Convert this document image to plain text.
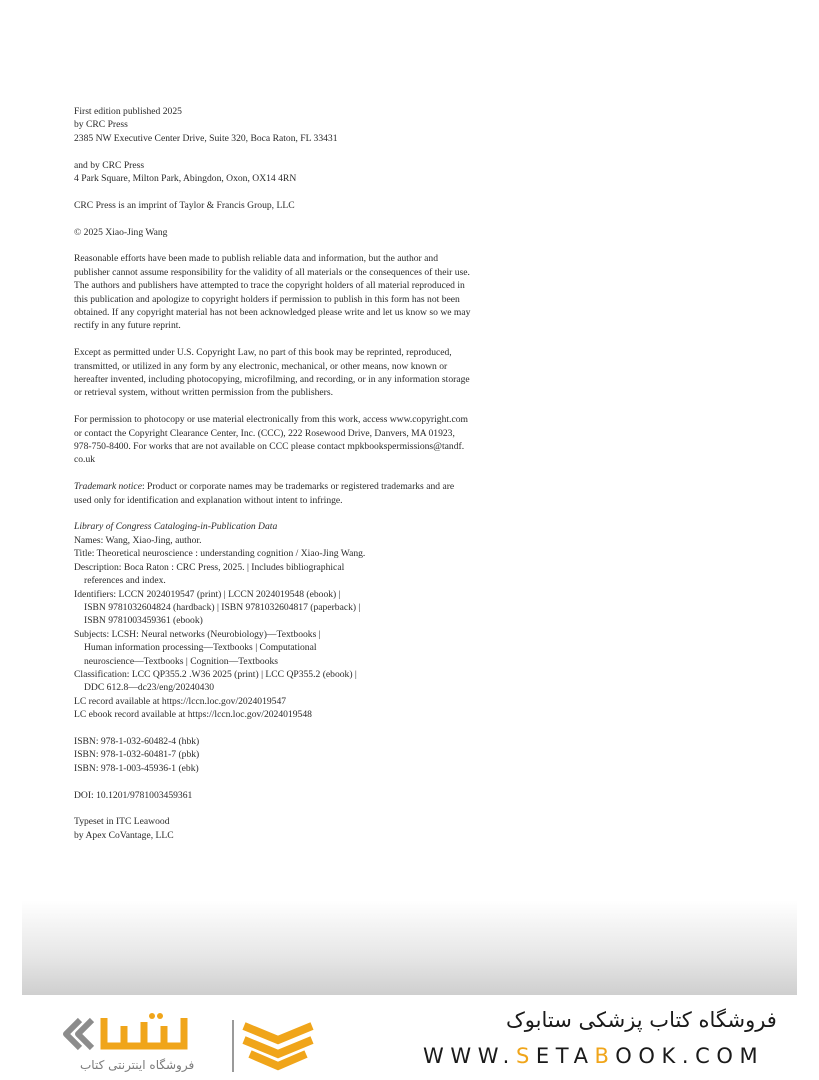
First edition published 2025
by CRC Press
2385 NW Executive Center Drive, Suite 320, Boca Raton, FL 33431
and by CRC Press
4 Park Square, Milton Park, Abingdon, Oxon, OX14 4RN
CRC Press is an imprint of Taylor & Francis Group, LLC
© 2025 Xiao-Jing Wang
Reasonable efforts have been made to publish reliable data and information, but the author and
publisher cannot assume responsibility for the validity of all materials or the consequences of their use.
The authors and publishers have attempted to trace the copyright holders of all material reproduced in
this publication and apologize to copyright holders if permission to publish in this form has not been
obtained. If any copyright material has not been acknowledged please write and let us know so we may
rectify in any future reprint.
Except as permitted under U.S. Copyright Law, no part of this book may be reprinted, reproduced,
transmitted, or utilized in any form by any electronic, mechanical, or other means, now known or
hereafter invented, including photocopying, microfilming, and recording, or in any information storage
or retrieval system, without written permission from the publishers.
For permission to photocopy or use material electronically from this work, access www.copyright.com
or contact the Copyright Clearance Center, Inc. (CCC), 222 Rosewood Drive, Danvers, MA 01923,
978-750-8400. For works that are not available on CCC please contact mpkbookspermissions@tandf.
co.uk
Trademark notice: Product or corporate names may be trademarks or registered trademarks and are
used only for identification and explanation without intent to infringe.
Library of Congress Cataloging-in-Publication Data
Names: Wang, Xiao-Jing, author.
Title: Theoretical neuroscience : understanding cognition / Xiao-Jing Wang.
Description: Boca Raton : CRC Press, 2025. | Includes bibliographical
references and index.
Identifiers: LCCN 2024019547 (print) | LCCN 2024019548 (ebook) |
ISBN 9781032604824 (hardback) | ISBN 9781032604817 (paperback) |
ISBN 9781003459361 (ebook)
Subjects: LCSH: Neural networks (Neurobiology)—Textbooks |
Human information processing—Textbooks | Computational
neuroscience—Textbooks | Cognition—Textbooks
Classification: LCC QP355.2 .W36 2025 (print) | LCC QP355.2 (ebook) |
DDC 612.8—dc23/eng/20240430
LC record available at https://lccn.loc.gov/2024019547
LC ebook record available at https://lccn.loc.gov/2024019548
ISBN: 978-1-032-60482-4 (hbk)
ISBN: 978-1-032-60481-7 (pbk)
ISBN: 978-1-003-45936-1 (ebk)
DOI: 10.1201/9781003459361
Typeset in ITC Leawood
by Apex CoVantage, LLC
فروشگاه اینترنتی کتاب
فروشگاه کتاب پزشکی ستابوک
WWW.SETABOOK.COM
